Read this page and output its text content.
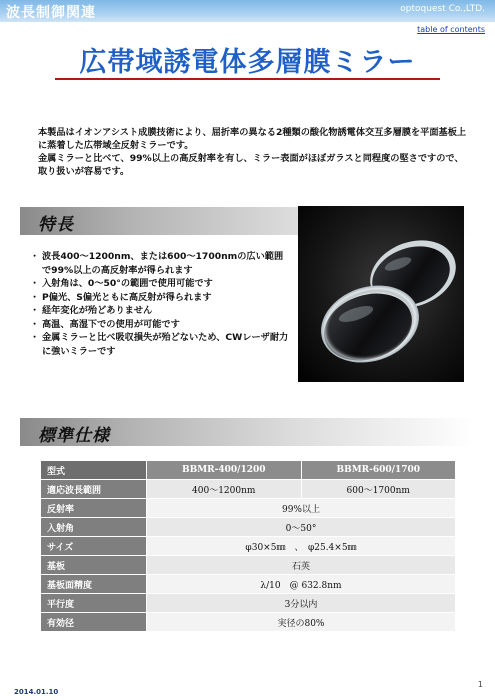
波長制御関連	optoquest Co.,LTD.
table of contents
広帯域誘電体多層膜ミラー

本製品はイオンアシスト成膜技術により、屈折率の異なる2種類の酸化物誘電体交互多層膜を平面基板上に蒸着した広帯域全反射ミラーです。

金属ミラーと比べて、99%以上の高反射率を有し、ミラー表面がほぼガラスと同程度の堅さですので、取り扱いが容易です。

特長
・ 波長400～1200nm、または600～1700nmの広い範囲で99%以上の高反射率が得られます
・ 入射角は、0～50°の範囲で使用可能です
・ P偏光、S偏光ともに高反射が得られます
・ 経年変化が殆どありません
・ 高温、高湿下での使用が可能です
・ 金属ミラーと比べ吸収損失が殆どないため、CWレーザ耐力に強いミラーです
標準仕様
型式	BBMR-400/1200	BBMR-600/1700
適応波長範囲	400～1200nm	600～1700nm
反射率	99%以上	
入射角	0～50°	
サイズ	φ30×5㎜　、　φ25.4×5㎜	
基板	石英	
基板面精度	λ/10　@ 632.8nm	
平行度	3分以内	
有効径	実径の80%	
2014.01.10
1
